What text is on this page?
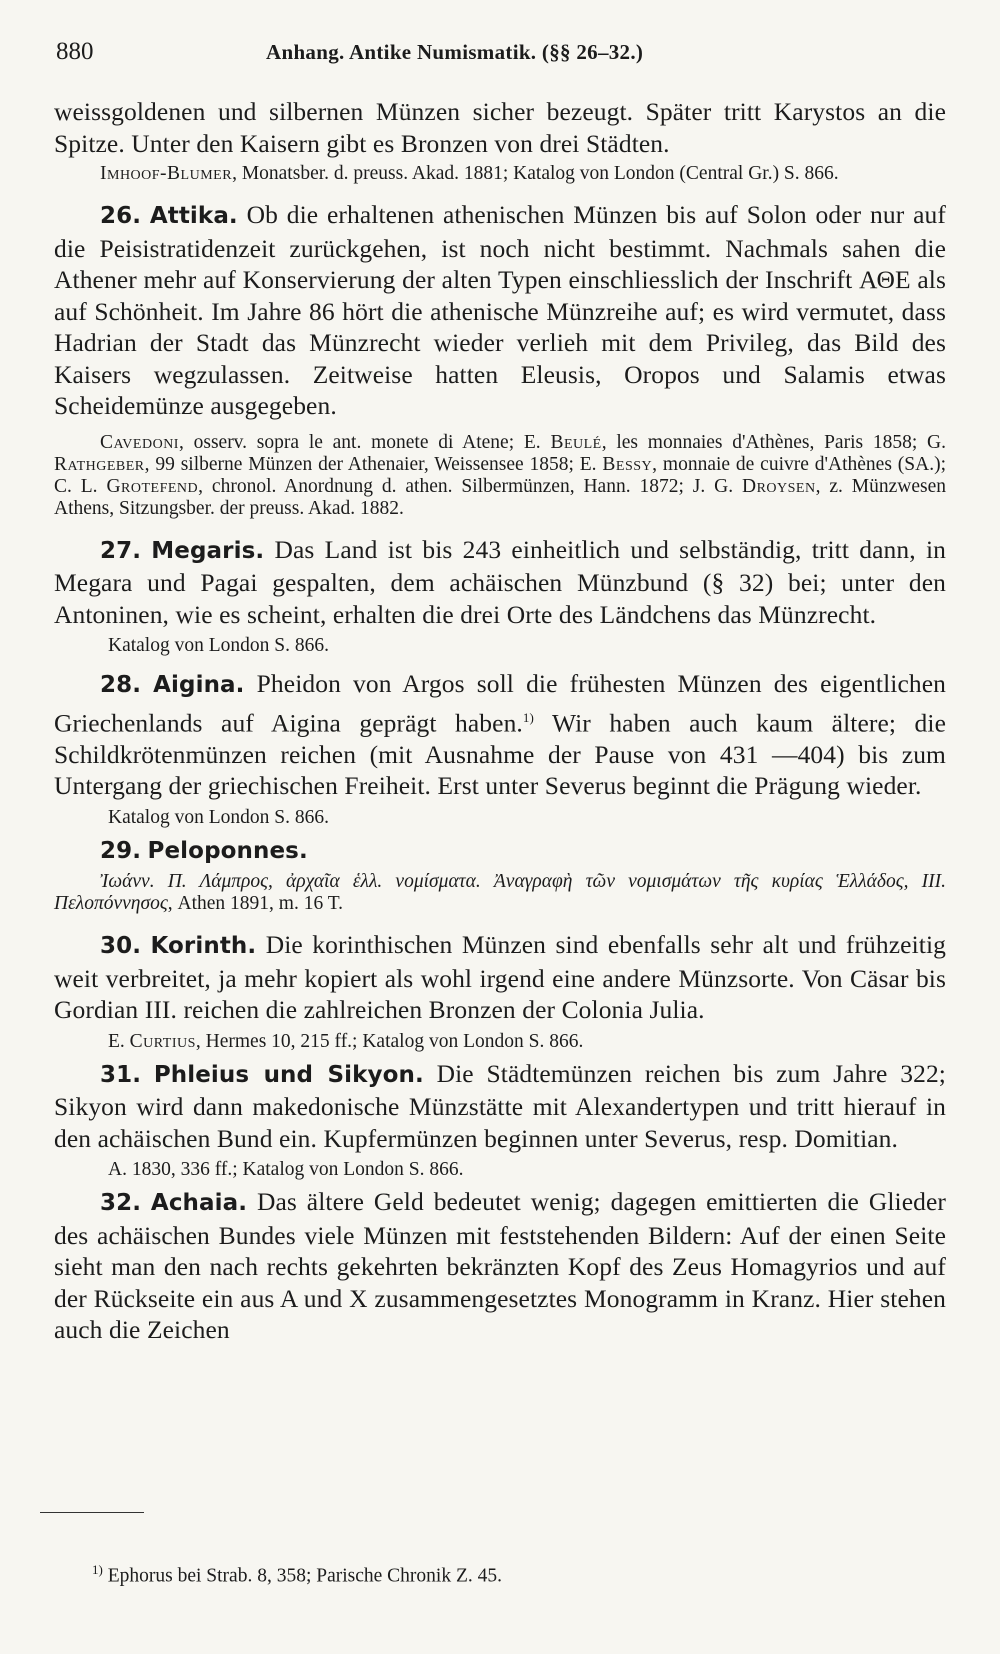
880	Anhang. Antike Numismatik. (§§ 26–32.)

weissgoldenen und silbernen Münzen sicher bezeugt. Später tritt Karystos an die Spitze. Unter den Kaisern gibt es Bronzen von drei Städten.

Imhoof-Blumer, Monatsber. d. preuss. Akad. 1881; Katalog von London (Central Gr.) S. 866.

26. Attika. Ob die erhaltenen athenischen Münzen bis auf Solon oder nur auf die Peisistratidenzeit zurückgehen, ist noch nicht bestimmt. Nachmals sahen die Athener mehr auf Konservierung der alten Typen einschliesslich der Inschrift ΑΘΕ als auf Schönheit. Im Jahre 86 hört die athenische Münzreihe auf; es wird vermutet, dass Hadrian der Stadt das Münzrecht wieder verlieh mit dem Privileg, das Bild des Kaisers wegzulassen. Zeitweise hatten Eleusis, Oropos und Salamis etwas Scheidemünze ausgegeben.

Cavedoni, osserv. sopra le ant. monete di Atene; E. Beulé, les monnaies d'Athènes, Paris 1858; G. Rathgeber, 99 silberne Münzen der Athenaier, Weissensee 1858; E. Bessy, monnaie de cuivre d'Athènes (SA.); C. L. Grotefend, chronol. Anordnung d. athen. Silbermünzen, Hann. 1872; J. G. Droysen, z. Münzwesen Athens, Sitzungsber. der preuss. Akad. 1882.

27. Megaris. Das Land ist bis 243 einheitlich und selbständig, tritt dann, in Megara und Pagai gespalten, dem achäischen Münzbund (§ 32) bei; unter den Antoninen, wie es scheint, erhalten die drei Orte des Ländchens das Münzrecht.

Katalog von London S. 866.

28. Aigina. Pheidon von Argos soll die frühesten Münzen des eigentlichen Griechenlands auf Aigina geprägt haben.$^{1)}$ Wir haben auch kaum ältere; die Schildkrötenmünzen reichen (mit Ausnahme der Pause von 431 —404) bis zum Untergang der griechischen Freiheit. Erst unter Severus beginnt die Prägung wieder.

Katalog von London S. 866.

29. Peloponnes.

Ἰωάνν. Π. Λάμπρος, ἀρχαῖα ἑλλ. νομίσματα. Ἀναγραφὴ τῶν νομισμάτων τῆς κυρίας Ἑλλάδος, ΙΙΙ. Πελοπόννησος, Athen 1891, m. 16 T.

30. Korinth. Die korinthischen Münzen sind ebenfalls sehr alt und frühzeitig weit verbreitet, ja mehr kopiert als wohl irgend eine andere Münzsorte. Von Cäsar bis Gordian III. reichen die zahlreichen Bronzen der Colonia Julia.

E. Curtius, Hermes 10, 215 ff.; Katalog von London S. 866.

31. Phleius und Sikyon. Die Städtemünzen reichen bis zum Jahre 322; Sikyon wird dann makedonische Münzstätte mit Alexandertypen und tritt hierauf in den achäischen Bund ein. Kupfermünzen beginnen unter Severus, resp. Domitian.

A. 1830, 336 ff.; Katalog von London S. 866.

32. Achaia. Das ältere Geld bedeutet wenig; dagegen emittierten die Glieder des achäischen Bundes viele Münzen mit feststehenden Bildern: Auf der einen Seite sieht man den nach rechts gekehrten bekränzten Kopf des Zeus Homagyrios und auf der Rückseite ein aus A und X zusammengesetztes Monogramm in Kranz. Hier stehen auch die Zeichen

$^{1)}$ Ephorus bei Strab. 8, 358; Parische Chronik Z. 45.
